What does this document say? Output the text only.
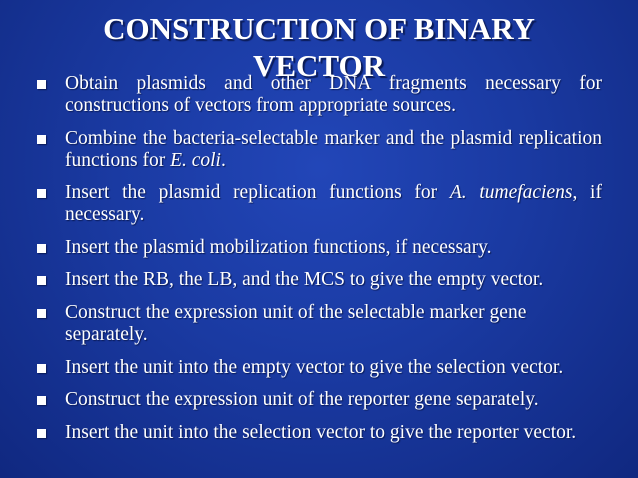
CONSTRUCTION OF BINARY
VECTOR
Obtain plasmids and other DNA fragments necessary for constructions of vectors from appropriate sources.
Combine the bacteria-selectable marker and the plasmid replication functions for E. coli.
Insert the plasmid replication functions for A. tumefaciens, if necessary.
Insert the plasmid mobilization functions, if necessary.
Insert the RB, the LB, and the MCS to give the empty vector.
Construct the expression unit of the selectable marker gene separately.
Insert the unit into the empty vector to give the selection vector.
Construct the expression unit of the reporter gene separately.
Insert the unit into the selection vector to give the reporter vector.
